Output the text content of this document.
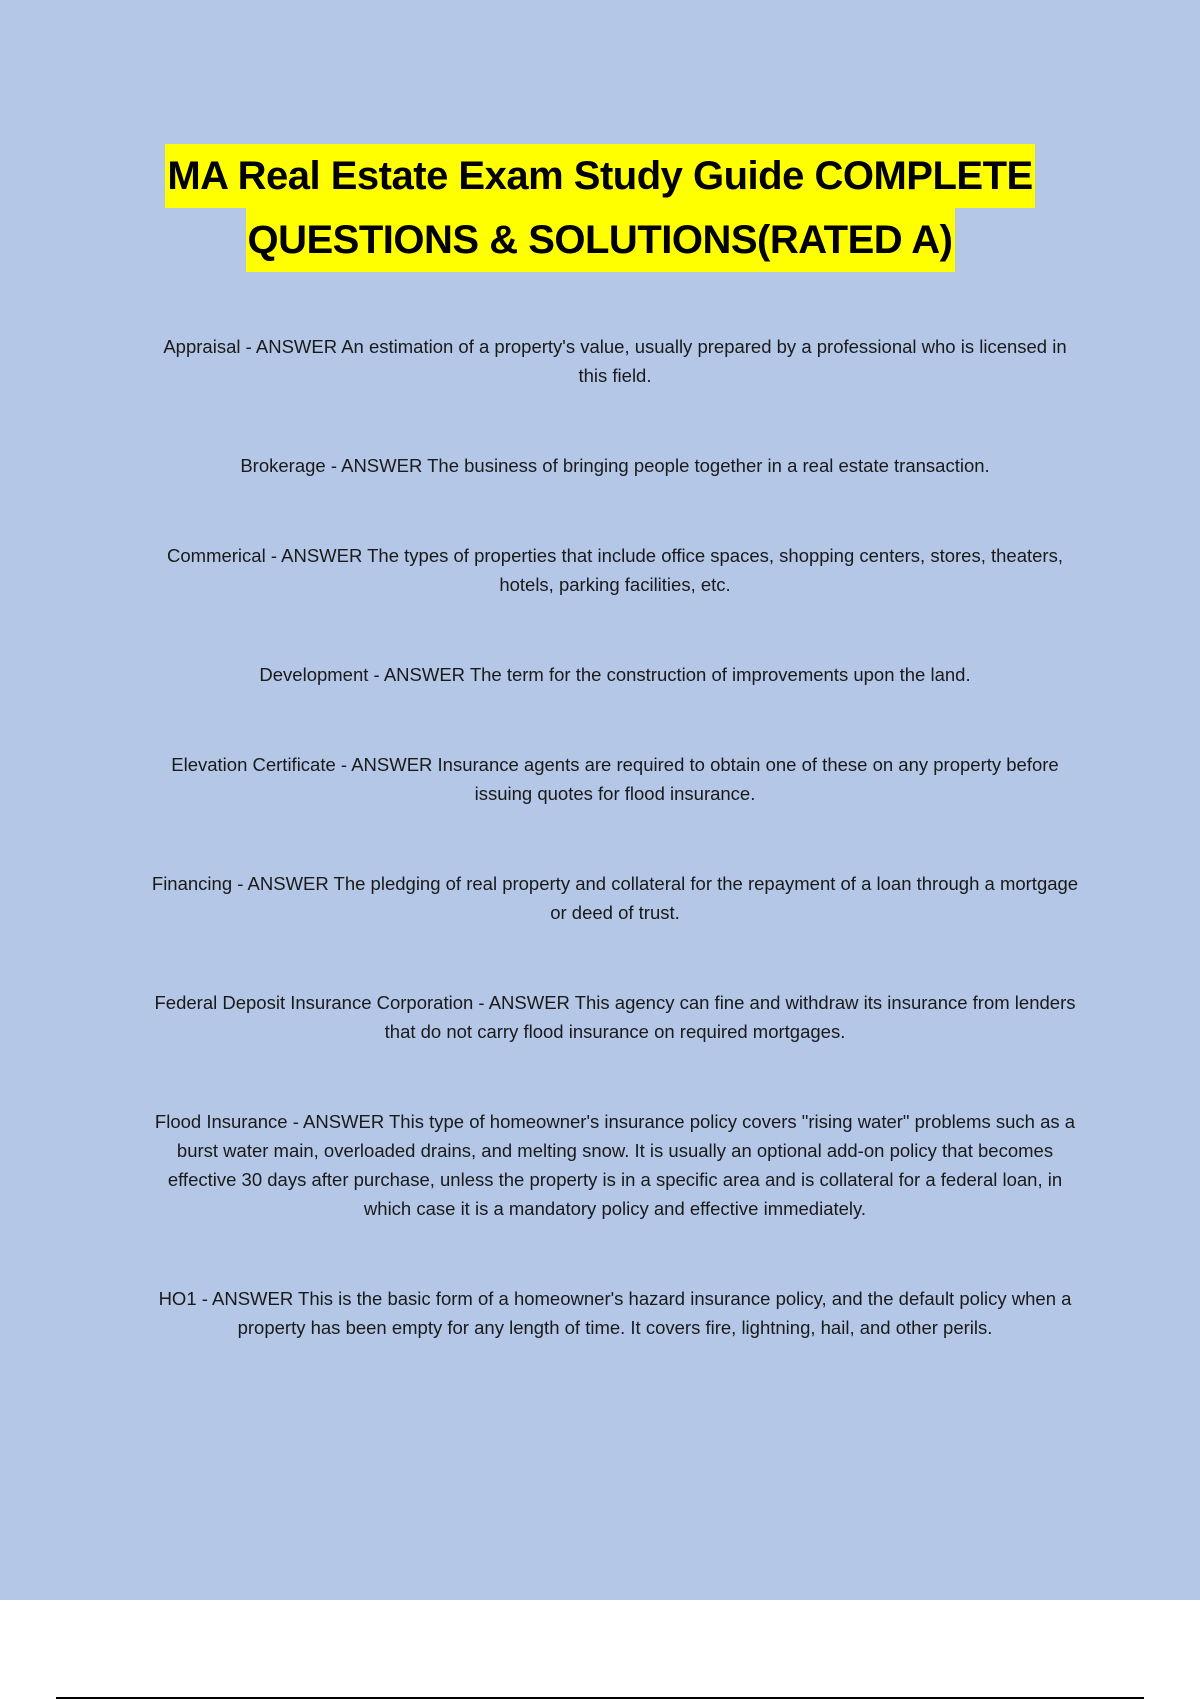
MA Real Estate Exam Study Guide COMPLETE
QUESTIONS & SOLUTIONS(RATED A)

Appraisal - ANSWER An estimation of a property's value, usually prepared by a professional who is licensed in this field.

Brokerage - ANSWER The business of bringing people together in a real estate transaction.

Commerical - ANSWER The types of properties that include office spaces, shopping centers, stores, theaters, hotels, parking facilities, etc.

Development - ANSWER The term for the construction of improvements upon the land.

Elevation Certificate - ANSWER Insurance agents are required to obtain one of these on any property before issuing quotes for flood insurance.

Financing - ANSWER The pledging of real property and collateral for the repayment of a loan through a mortgage or deed of trust.

Federal Deposit Insurance Corporation - ANSWER This agency can fine and withdraw its insurance from lenders that do not carry flood insurance on required mortgages.

Flood Insurance - ANSWER This type of homeowner's insurance policy covers "rising water" problems such as a burst water main, overloaded drains, and melting snow. It is usually an optional add-on policy that becomes effective 30 days after purchase, unless the property is in a specific area and is collateral for a federal loan, in which case it is a mandatory policy and effective immediately.

HO1 - ANSWER This is the basic form of a homeowner's hazard insurance policy, and the default policy when a property has been empty for any length of time. It covers fire, lightning, hail, and other perils.
